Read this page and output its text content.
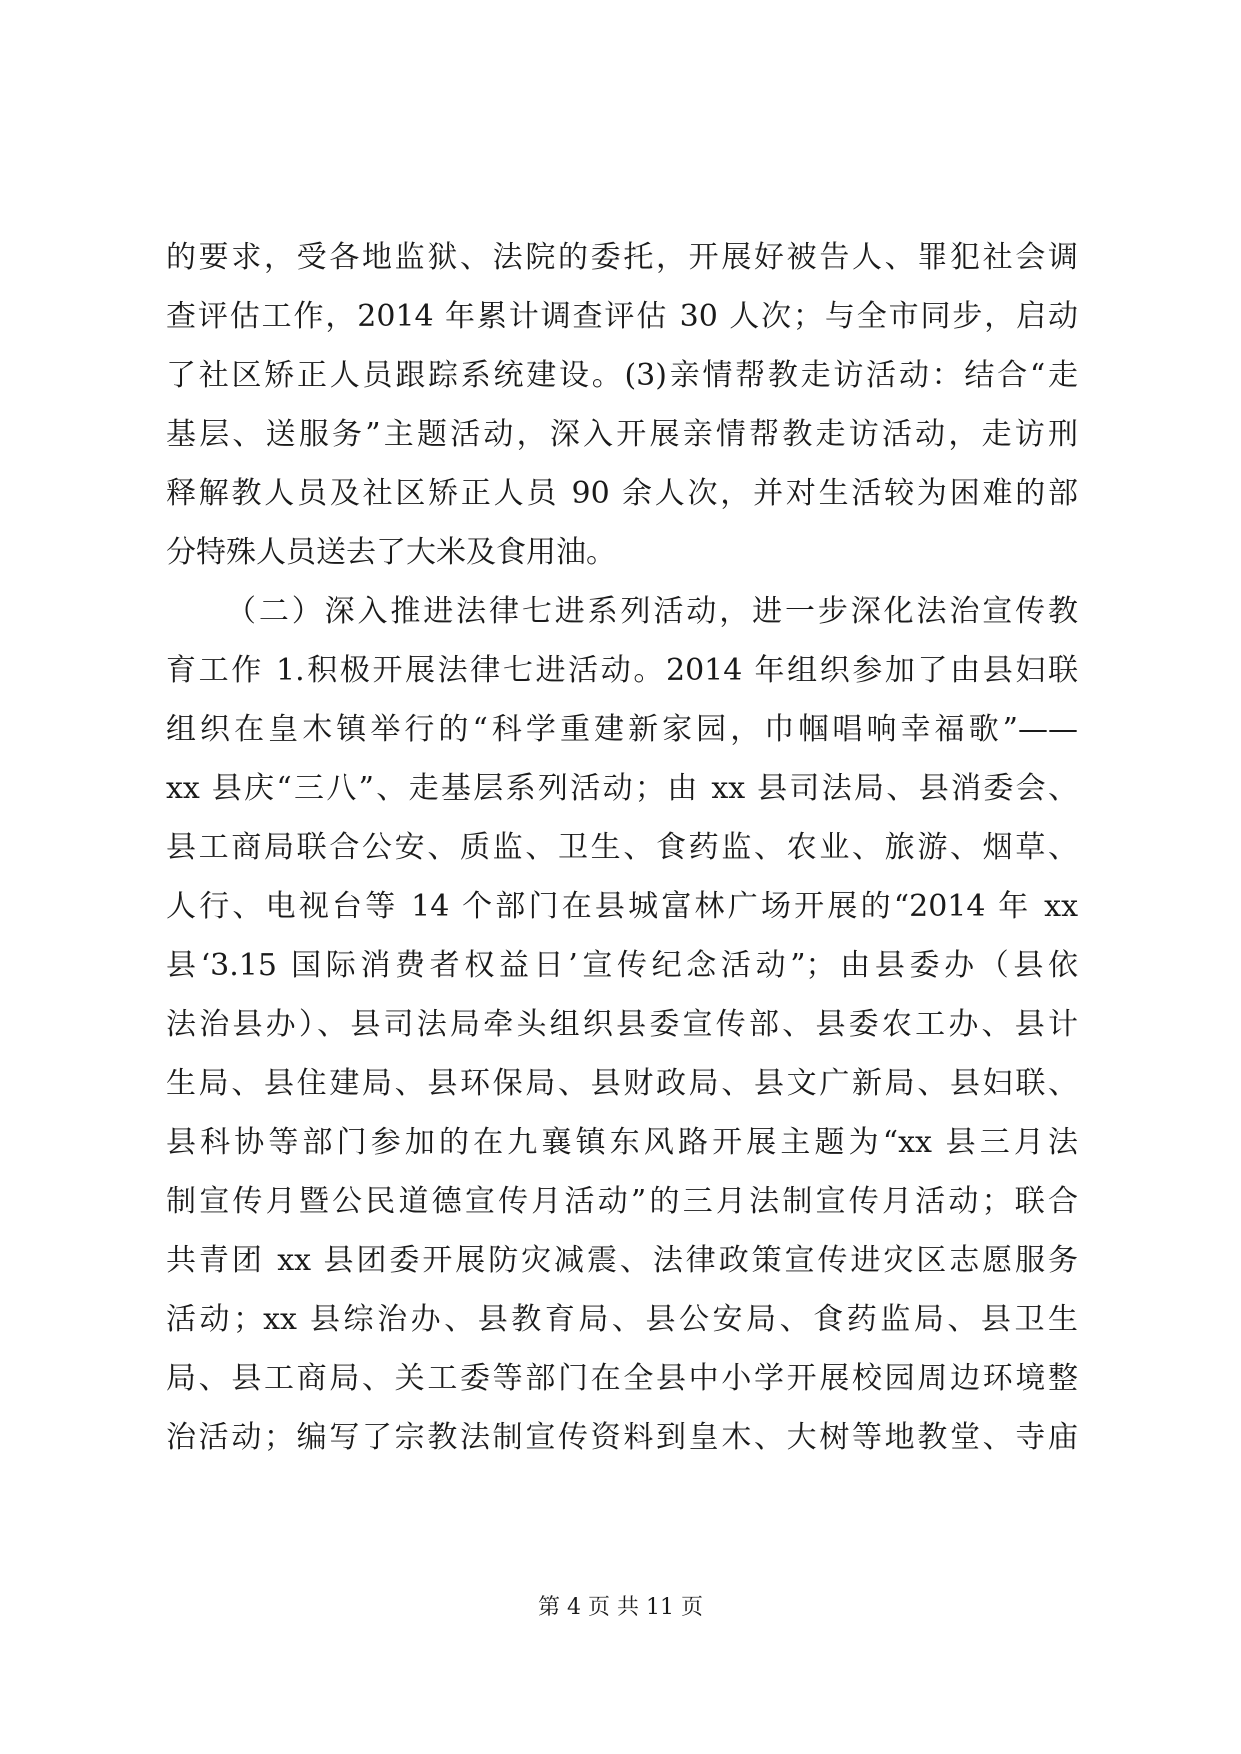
的要求，受各地监狱、法院的委托，开展好被告人、罪犯社会调
查评估工作，2014 年累计调查评估 30 人次；与全市同步，启动
了社区矫正人员跟踪系统建设。(3)亲情帮教走访活动：结合“走
基层、送服务”主题活动，深入开展亲情帮教走访活动，走访刑
释解教人员及社区矫正人员 90 余人次，并对生活较为困难的部
分特殊人员送去了大米及食用油。
（二）深入推进法律七进系列活动，进一步深化法治宣传教
育工作 1.积极开展法律七进活动。2014 年组织参加了由县妇联
组织在皇木镇举行的“科学重建新家园，巾帼唱响幸福歌”——
xx 县庆“三八”、走基层系列活动；由 xx 县司法局、县消委会、
县工商局联合公安、质监、卫生、食药监、农业、旅游、烟草、
人行、电视台等 14 个部门在县城富林广场开展的“2014 年 xx
县‘3.15 国际消费者权益日’宣传纪念活动”；由县委办（县依
法治县办）、县司法局牵头组织县委宣传部、县委农工办、县计
生局、县住建局、县环保局、县财政局、县文广新局、县妇联、
县科协等部门参加的在九襄镇东风路开展主题为“xx 县三月法
制宣传月暨公民道德宣传月活动”的三月法制宣传月活动；联合
共青团 xx 县团委开展防灾减震、法律政策宣传进灾区志愿服务
活动；xx 县综治办、县教育局、县公安局、食药监局、县卫生
局、县工商局、关工委等部门在全县中小学开展校园周边环境整
治活动；编写了宗教法制宣传资料到皇木、大树等地教堂、寺庙
第 4 页 共 11 页
